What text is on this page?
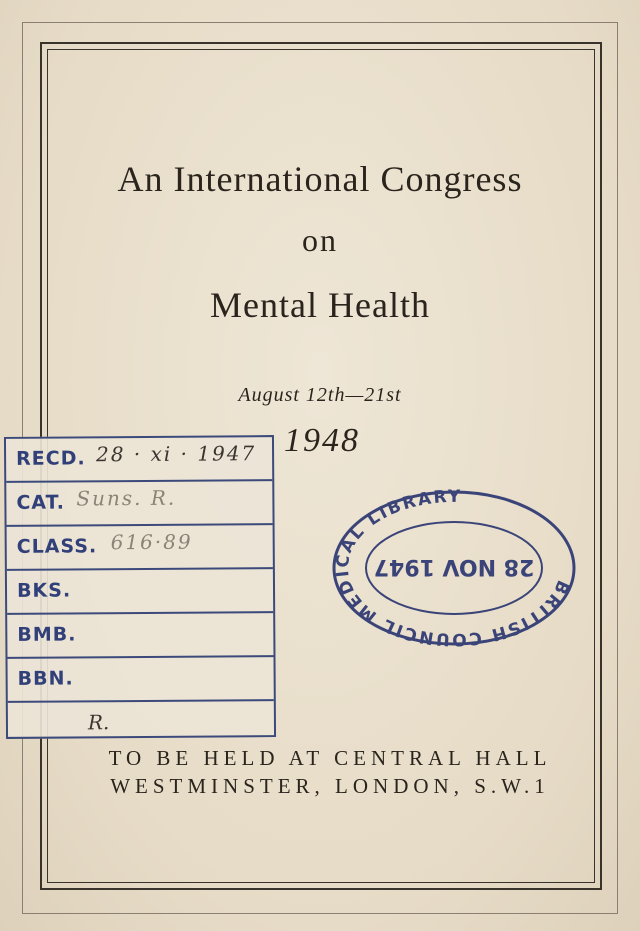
An International Congress
on
Mental Health
August 12th—21st
1948
TO BE HELD AT CENTRAL HALL
WESTMINSTER, LONDON, S.W.1
RECD. 28 · xi · 1947
CAT. Suns. R.
CLASS. 616·89
BKS.
BMB.
BBN.
R.
BRITISH COUNCIL MEDICAL LIBRARY
28 NOV 1947
